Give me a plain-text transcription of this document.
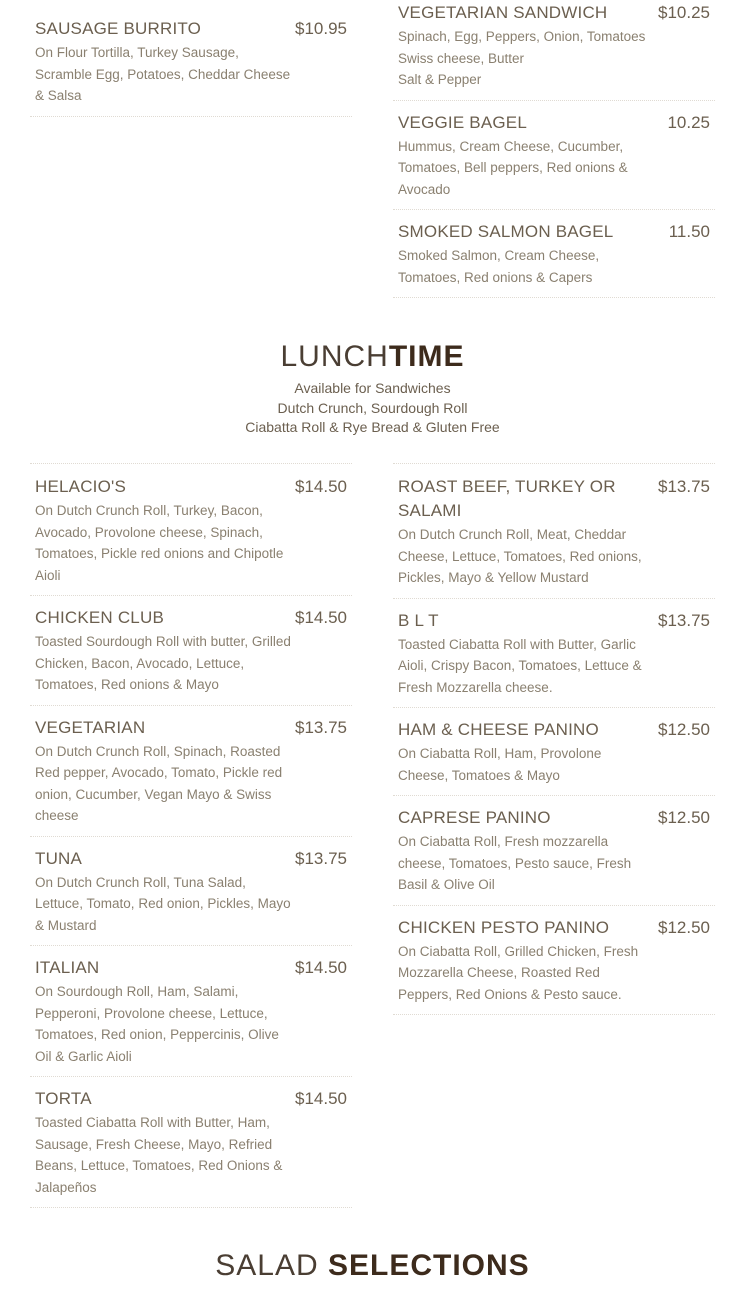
SAUSAGE BURRITO	$10.95
On Flour Tortilla, Turkey Sausage, Scramble Egg, Potatoes, Cheddar Cheese & Salsa
VEGETARIAN SANDWICH	$10.25
Spinach, Egg, Peppers, Onion, Tomatoes Swiss cheese, Butter
Salt & Pepper
VEGGIE BAGEL	10.25
Hummus, Cream Cheese, Cucumber, Tomatoes, Bell peppers, Red onions & Avocado
SMOKED SALMON BAGEL	11.50
Smoked Salmon, Cream Cheese, Tomatoes, Red onions & Capers
LUNCHTIME
Available for Sandwiches
Dutch Crunch, Sourdough Roll
Ciabatta Roll & Rye Bread & Gluten Free
HELACIO'S	$14.50
On Dutch Crunch Roll, Turkey, Bacon, Avocado, Provolone cheese, Spinach, Tomatoes, Pickle red onions and Chipotle Aioli
CHICKEN CLUB	$14.50
Toasted Sourdough Roll with butter, Grilled Chicken, Bacon, Avocado, Lettuce, Tomatoes, Red onions & Mayo
VEGETARIAN	$13.75
On Dutch Crunch Roll, Spinach, Roasted Red pepper, Avocado, Tomato, Pickle red onion, Cucumber, Vegan Mayo & Swiss cheese
TUNA	$13.75
On Dutch Crunch Roll, Tuna Salad, Lettuce, Tomato, Red onion, Pickles, Mayo & Mustard
ITALIAN	$14.50
On Sourdough Roll, Ham, Salami, Pepperoni, Provolone cheese, Lettuce, Tomatoes, Red onion, Peppercinis, Olive Oil & Garlic Aioli
TORTA	$14.50
Toasted Ciabatta Roll with Butter, Ham, Sausage, Fresh Cheese, Mayo, Refried Beans, Lettuce, Tomatoes, Red Onions & Jalapeños
ROAST BEEF, TURKEY OR SALAMI
$13.75
On Dutch Crunch Roll, Meat, Cheddar Cheese, Lettuce, Tomatoes, Red onions, Pickles, Mayo & Yellow Mustard
B L T	$13.75
Toasted Ciabatta Roll with Butter, Garlic Aioli, Crispy Bacon, Tomatoes, Lettuce & Fresh Mozzarella cheese.
HAM & CHEESE PANINO	$12.50
On Ciabatta Roll, Ham, Provolone Cheese, Tomatoes & Mayo
CAPRESE PANINO	$12.50
On Ciabatta Roll, Fresh mozzarella cheese, Tomatoes, Pesto sauce, Fresh Basil & Olive Oil
CHICKEN PESTO PANINO	$12.50
On Ciabatta Roll, Grilled Chicken, Fresh Mozzarella Cheese, Roasted Red Peppers, Red Onions & Pesto sauce.
SALAD SELECTIONS
